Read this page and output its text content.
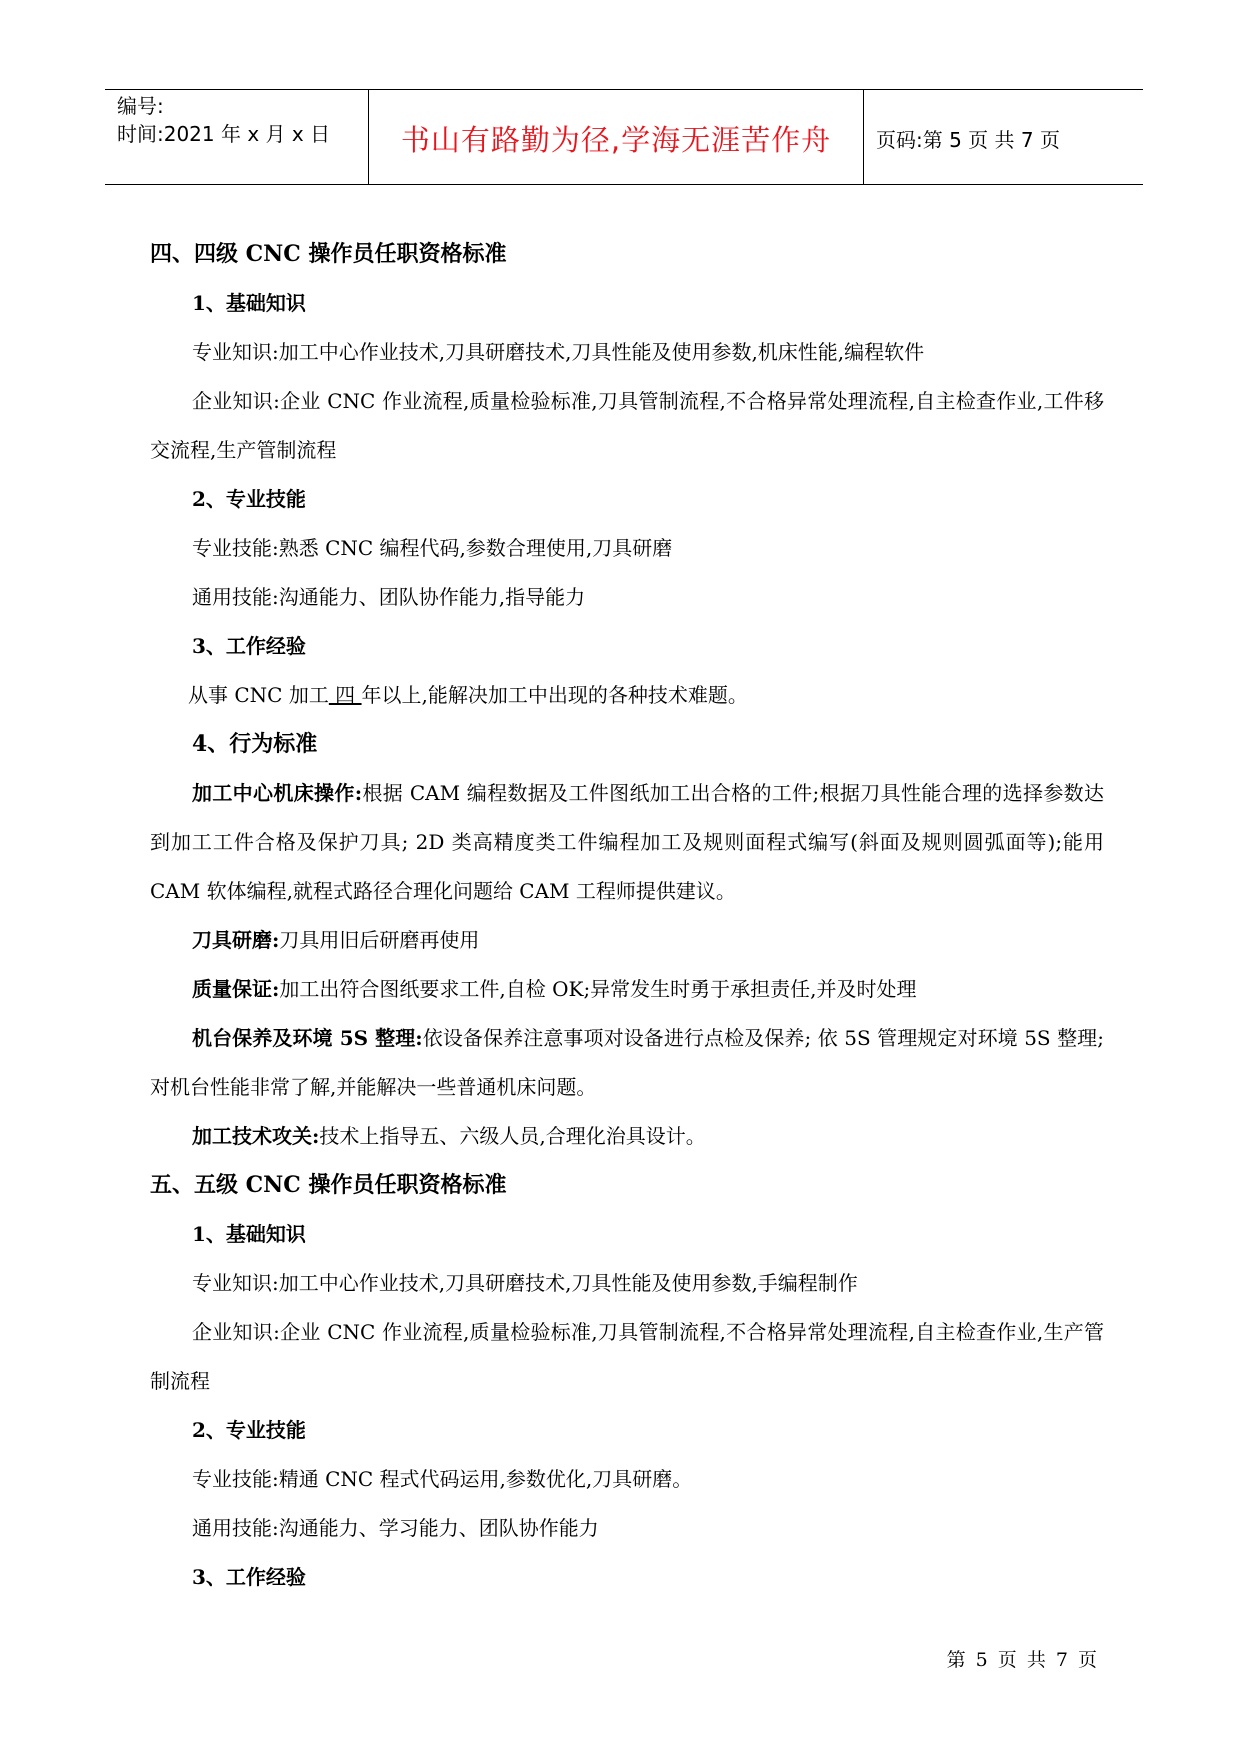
编号:
时间:2021 年 x 月 x 日	书山有路勤为径,学海无涯苦作舟	页码:第 5 页 共 7 页

四、四级 CNC 操作员任职资格标准

1、基础知识

专业知识:加工中心作业技术,刀具研磨技术,刀具性能及使用参数,机床性能,编程软件

企业知识:企业 CNC 作业流程,质量检验标准,刀具管制流程,不合格异常处理流程,自主检查作业,工件移交流程,生产管制流程

2、专业技能

专业技能:熟悉 CNC 编程代码,参数合理使用,刀具研磨

通用技能:沟通能力、团队协作能力,指导能力

3、工作经验

从事 CNC 加工 四 年以上,能解决加工中出现的各种技术难题。

4、行为标准

加工中心机床操作:根据 CAM 编程数据及工件图纸加工出合格的工件;根据刀具性能合理的选择参数达到加工工件合格及保护刀具; 2D 类高精度类工件编程加工及规则面程式编写(斜面及规则圆弧面等);能用 CAM 软体编程,就程式路径合理化问题给 CAM 工程师提供建议。

刀具研磨:刀具用旧后研磨再使用

质量保证:加工出符合图纸要求工件,自检 OK;异常发生时勇于承担责任,并及时处理

机台保养及环境 5S 整理:依设备保养注意事项对设备进行点检及保养; 依 5S 管理规定对环境 5S 整理;对机台性能非常了解,并能解决一些普通机床问题。

加工技术攻关:技术上指导五、六级人员,合理化治具设计。

五、五级 CNC 操作员任职资格标准

1、基础知识

专业知识:加工中心作业技术,刀具研磨技术,刀具性能及使用参数,手编程制作

企业知识:企业 CNC 作业流程,质量检验标准,刀具管制流程,不合格异常处理流程,自主检查作业,生产管制流程

2、专业技能

专业技能:精通 CNC 程式代码运用,参数优化,刀具研磨。

通用技能:沟通能力、学习能力、团队协作能力

3、工作经验

第 5 页 共 7 页
